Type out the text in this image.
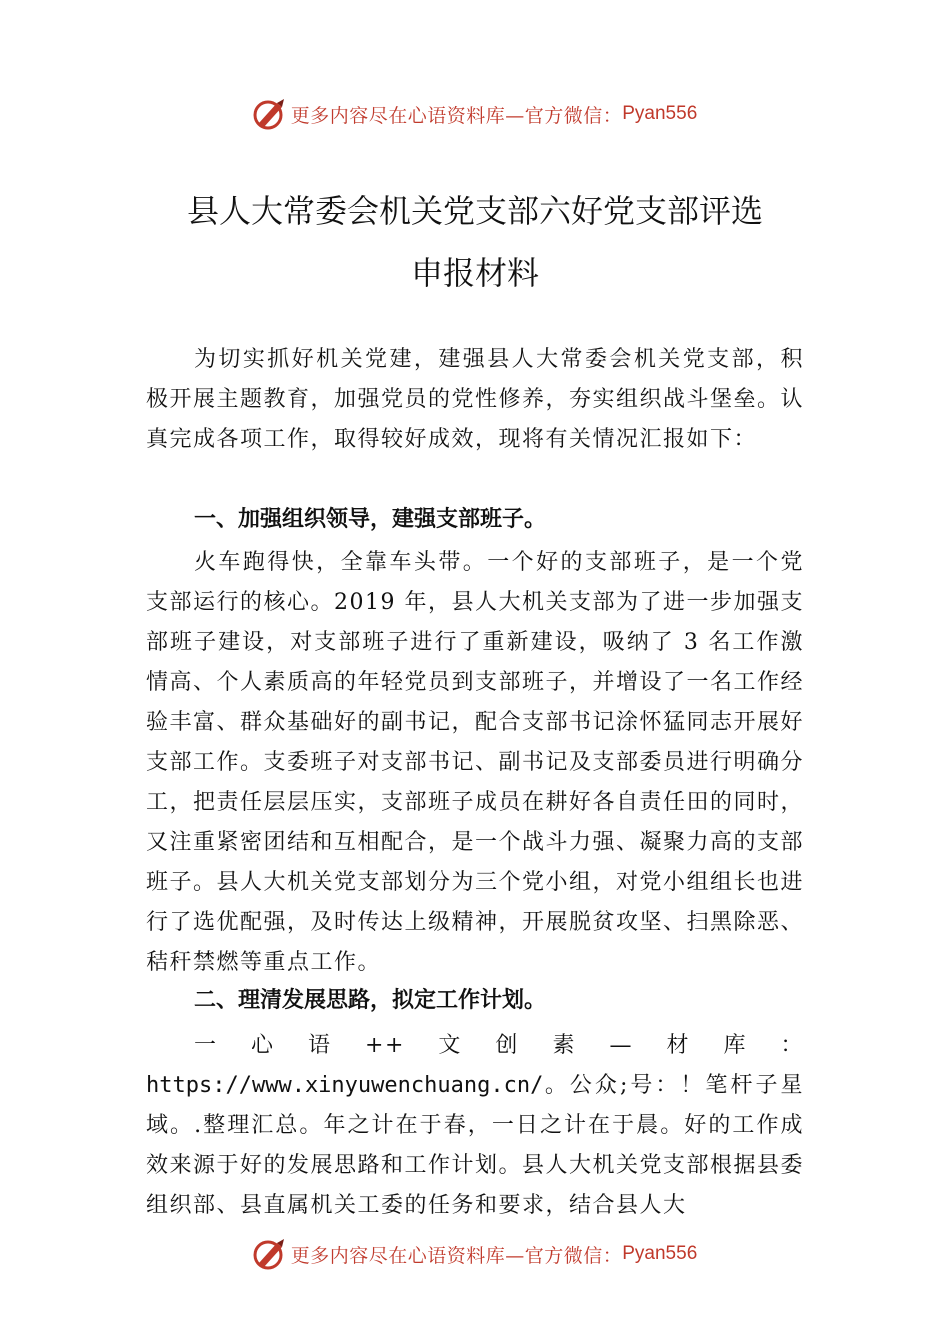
更多内容尽在心语资料库—官方微信： Pyan556
县人大常委会机关党支部六好党支部评选
申报材料
为切实抓好机关党建，建强县人大常委会机关党支部，积极开展主题教育，加强党员的党性修养，夯实组织战斗堡垒。认真完成各项工作，取得较好成效，现将有关情况汇报如下：
一、加强组织领导，建强支部班子。
火车跑得快，全靠车头带。一个好的支部班子，是一个党支部运行的核心。2019 年，县人大机关支部为了进一步加强支部班子建设，对支部班子进行了重新建设，吸纳了 3 名工作激情高、个人素质高的年轻党员到支部班子，并增设了一名工作经验丰富、群众基础好的副书记，配合支部书记涂怀猛同志开展好支部工作。支委班子对支部书记、副书记及支部委员进行明确分工，把责任层层压实，支部班子成员在耕好各自责任田的同时，又注重紧密团结和互相配合，是一个战斗力强、凝聚力高的支部班子。县人大机关党支部划分为三个党小组，对党小组组长也进行了选优配强，及时传达上级精神，开展脱贫攻坚、扫黑除恶、秸秆禁燃等重点工作。
二、理清发展思路，拟定工作计划。
一心语++文创素—材库：https://www.xinyuwenchuang.cn/。公众;号：！笔杆子星域。.整理汇总。年之计在于春，一日之计在于晨。好的工作成效来源于好的发展思路和工作计划。县人大机关党支部根据县委组织部、县直属机关工委的任务和要求，结合县人大
更多内容尽在心语资料库—官方微信： Pyan556
